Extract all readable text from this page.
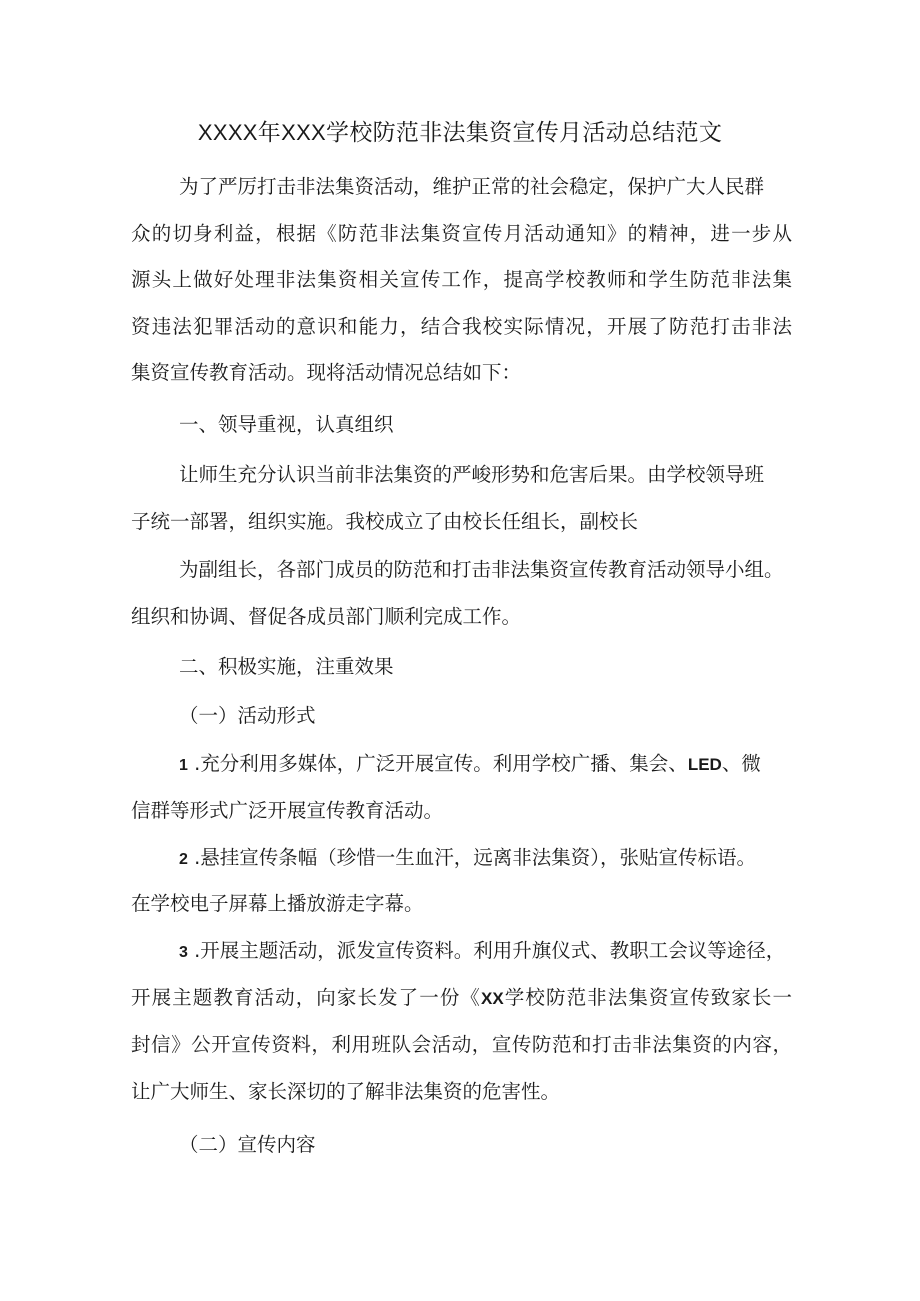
XXXX年XXX学校防范非法集资宣传月活动总结范文

为了严厉打击非法集资活动，维护正常的社会稳定，保护广大人民群

众的切身利益，根据《防范非法集资宣传月活动通知》的精神，进一步从

源头上做好处理非法集资相关宣传工作，提高学校教师和学生防范非法集

资违法犯罪活动的意识和能力，结合我校实际情况，开展了防范打击非法

集资宣传教育活动。现将活动情况总结如下：

一、领导重视，认真组织

让师生充分认识当前非法集资的严峻形势和危害后果。由学校领导班

子统一部署，组织实施。我校成立了由校长任组长，副校长

为副组长，各部门成员的防范和打击非法集资宣传教育活动领导小组。

组织和协调、督促各成员部门顺利完成工作。

二、积极实施，注重效果

（一）活动形式

1 .充分利用多媒体，广泛开展宣传。利用学校广播、集会、LED、微

信群等形式广泛开展宣传教育活动。

2 .悬挂宣传条幅（珍惜一生血汗，远离非法集资），张贴宣传标语。

在学校电子屏幕上播放游走字幕。

3 .开展主题活动，派发宣传资料。利用升旗仪式、教职工会议等途径，

开展主题教育活动，向家长发了一份《XX学校防范非法集资宣传致家长一

封信》公开宣传资料，利用班队会活动，宣传防范和打击非法集资的内容，

让广大师生、家长深切的了解非法集资的危害性。

（二）宣传内容
